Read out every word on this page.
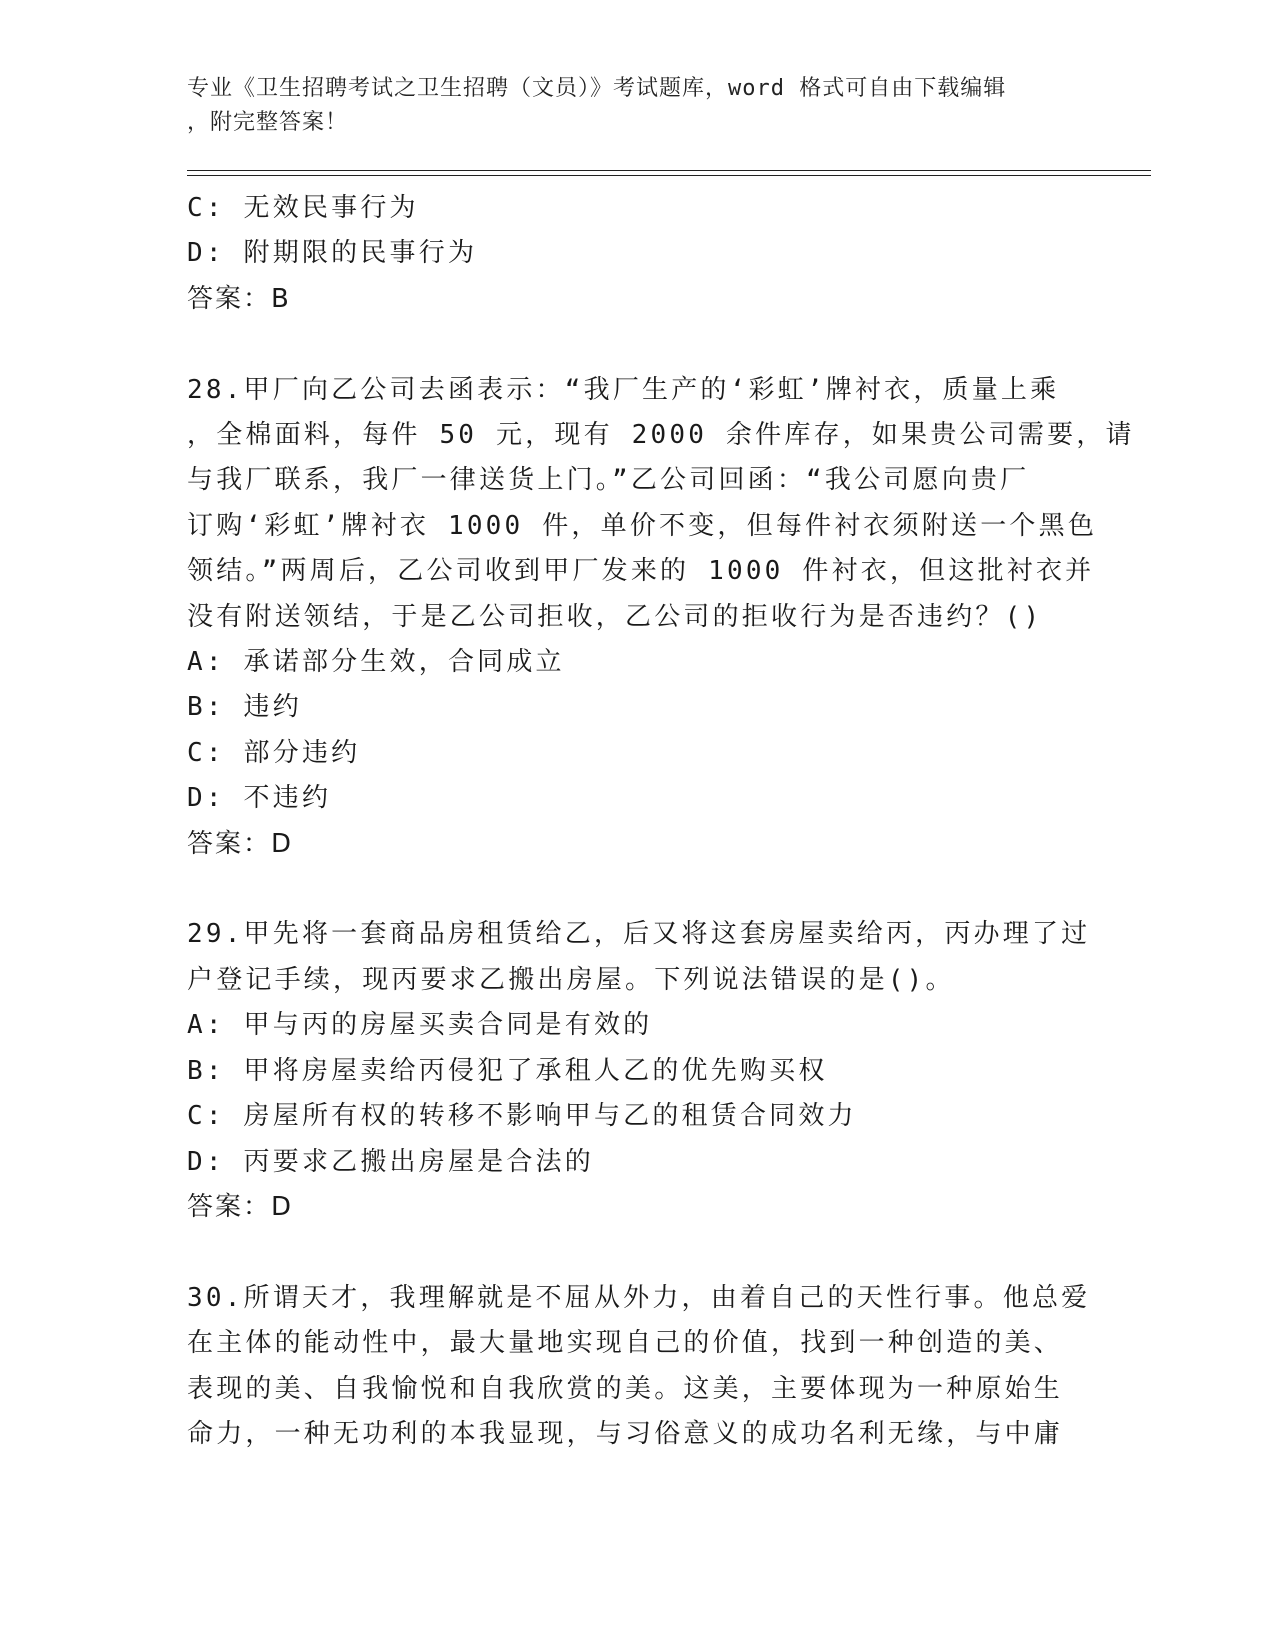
专业《卫生招聘考试之卫生招聘（文员）》考试题库，word 格式可自由下载编辑
，附完整答案！
C: 无效民事行为
D: 附期限的民事行为
答案：B
28.甲厂向乙公司去函表示：“我厂生产的‘彩虹’牌衬衣，质量上乘
，全棉面料，每件 50 元，现有 2000 余件库存，如果贵公司需要，请
与我厂联系，我厂一律送货上门。”乙公司回函：“我公司愿向贵厂
订购‘彩虹’牌衬衣 1000 件，单价不变，但每件衬衣须附送一个黑色
领结。”两周后，乙公司收到甲厂发来的 1000 件衬衣，但这批衬衣并
没有附送领结，于是乙公司拒收，乙公司的拒收行为是否违约？()
A: 承诺部分生效，合同成立
B: 违约
C: 部分违约
D: 不违约
答案：D
29.甲先将一套商品房租赁给乙，后又将这套房屋卖给丙，丙办理了过
户登记手续，现丙要求乙搬出房屋。下列说法错误的是()。
A: 甲与丙的房屋买卖合同是有效的
B: 甲将房屋卖给丙侵犯了承租人乙的优先购买权
C: 房屋所有权的转移不影响甲与乙的租赁合同效力
D: 丙要求乙搬出房屋是合法的
答案：D
30.所谓天才，我理解就是不屈从外力，由着自己的天性行事。他总爱
在主体的能动性中，最大量地实现自己的价值，找到一种创造的美、
表现的美、自我愉悦和自我欣赏的美。这美，主要体现为一种原始生
命力，一种无功利的本我显现，与习俗意义的成功名利无缘，与中庸
